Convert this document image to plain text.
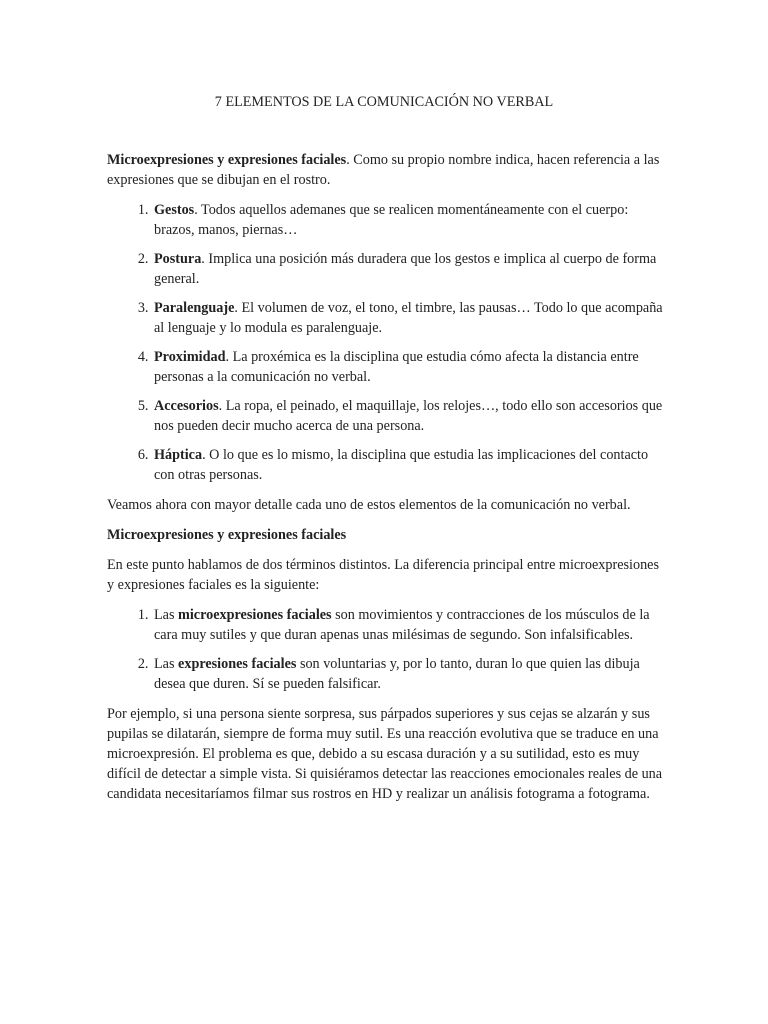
7 ELEMENTOS DE LA COMUNICACIÓN NO VERBAL

Microexpresiones y expresiones faciales. Como su propio nombre indica, hacen referencia a las expresiones que se dibujan en el rostro.

1. Gestos. Todos aquellos ademanes que se realicen momentáneamente con el cuerpo: brazos, manos, piernas…
2. Postura. Implica una posición más duradera que los gestos e implica al cuerpo de forma general.
3. Paralenguaje. El volumen de voz, el tono, el timbre, las pausas… Todo lo que acompaña al lenguaje y lo modula es paralenguaje.
4. Proximidad. La proxémica es la disciplina que estudia cómo afecta la distancia entre personas a la comunicación no verbal.
5. Accesorios. La ropa, el peinado, el maquillaje, los relojes…, todo ello son accesorios que nos pueden decir mucho acerca de una persona.
6. Háptica. O lo que es lo mismo, la disciplina que estudia las implicaciones del contacto con otras personas.

Veamos ahora con mayor detalle cada uno de estos elementos de la comunicación no verbal.

Microexpresiones y expresiones faciales

En este punto hablamos de dos términos distintos. La diferencia principal entre microexpresiones y expresiones faciales es la siguiente:

1. Las microexpresiones faciales son movimientos y contracciones de los músculos de la cara muy sutiles y que duran apenas unas milésimas de segundo. Son infalsificables.
2. Las expresiones faciales son voluntarias y, por lo tanto, duran lo que quien las dibuja desea que duren. Sí se pueden falsificar.

Por ejemplo, si una persona siente sorpresa, sus párpados superiores y sus cejas se alzarán y sus pupilas se dilatarán, siempre de forma muy sutil. Es una reacción evolutiva que se traduce en una microexpresión. El problema es que, debido a su escasa duración y a su sutilidad, esto es muy difícil de detectar a simple vista. Si quisiéramos detectar las reacciones emocionales reales de una candidata necesitaríamos filmar sus rostros en HD y realizar un análisis fotograma a fotograma.
